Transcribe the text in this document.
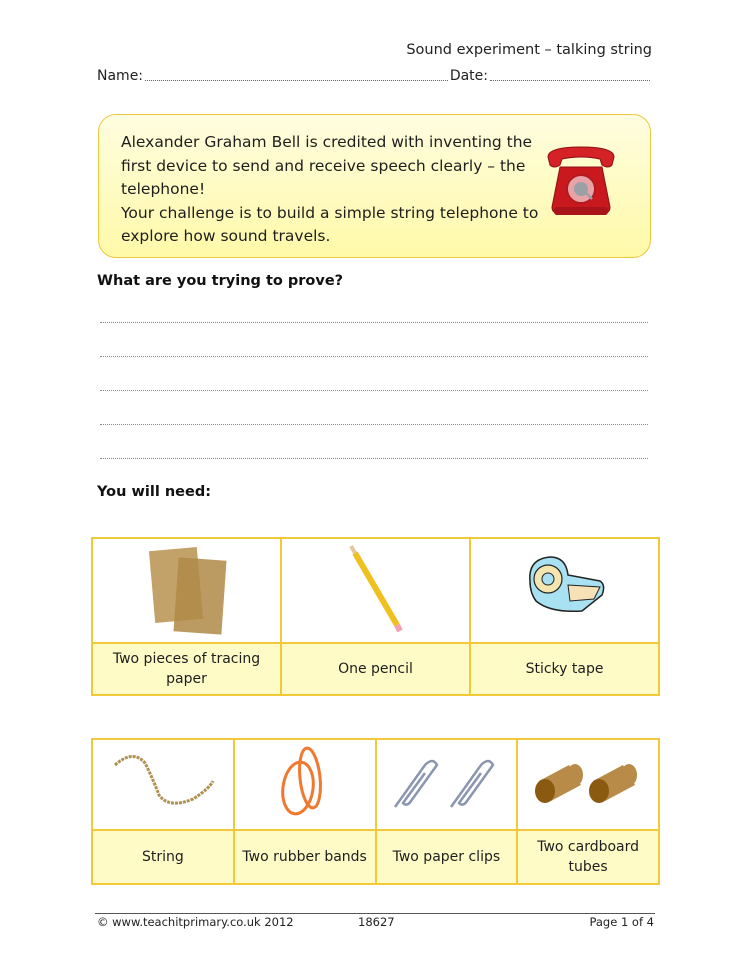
Sound experiment – talking string
Name:	Date:
Alexander Graham Bell is credited with inventing the
first device to send and receive speech clearly – the
telephone!
Your challenge is to build a simple string telephone to
explore how sound travels.
What are you trying to prove?
You will need:

Two pieces of tracing
paper	One pencil	Sticky tape

String	Two rubber bands	Two paper clips	Two cardboard
tubes
© www.teachitprimary.co.uk 2012	18627	Page 1 of 4
